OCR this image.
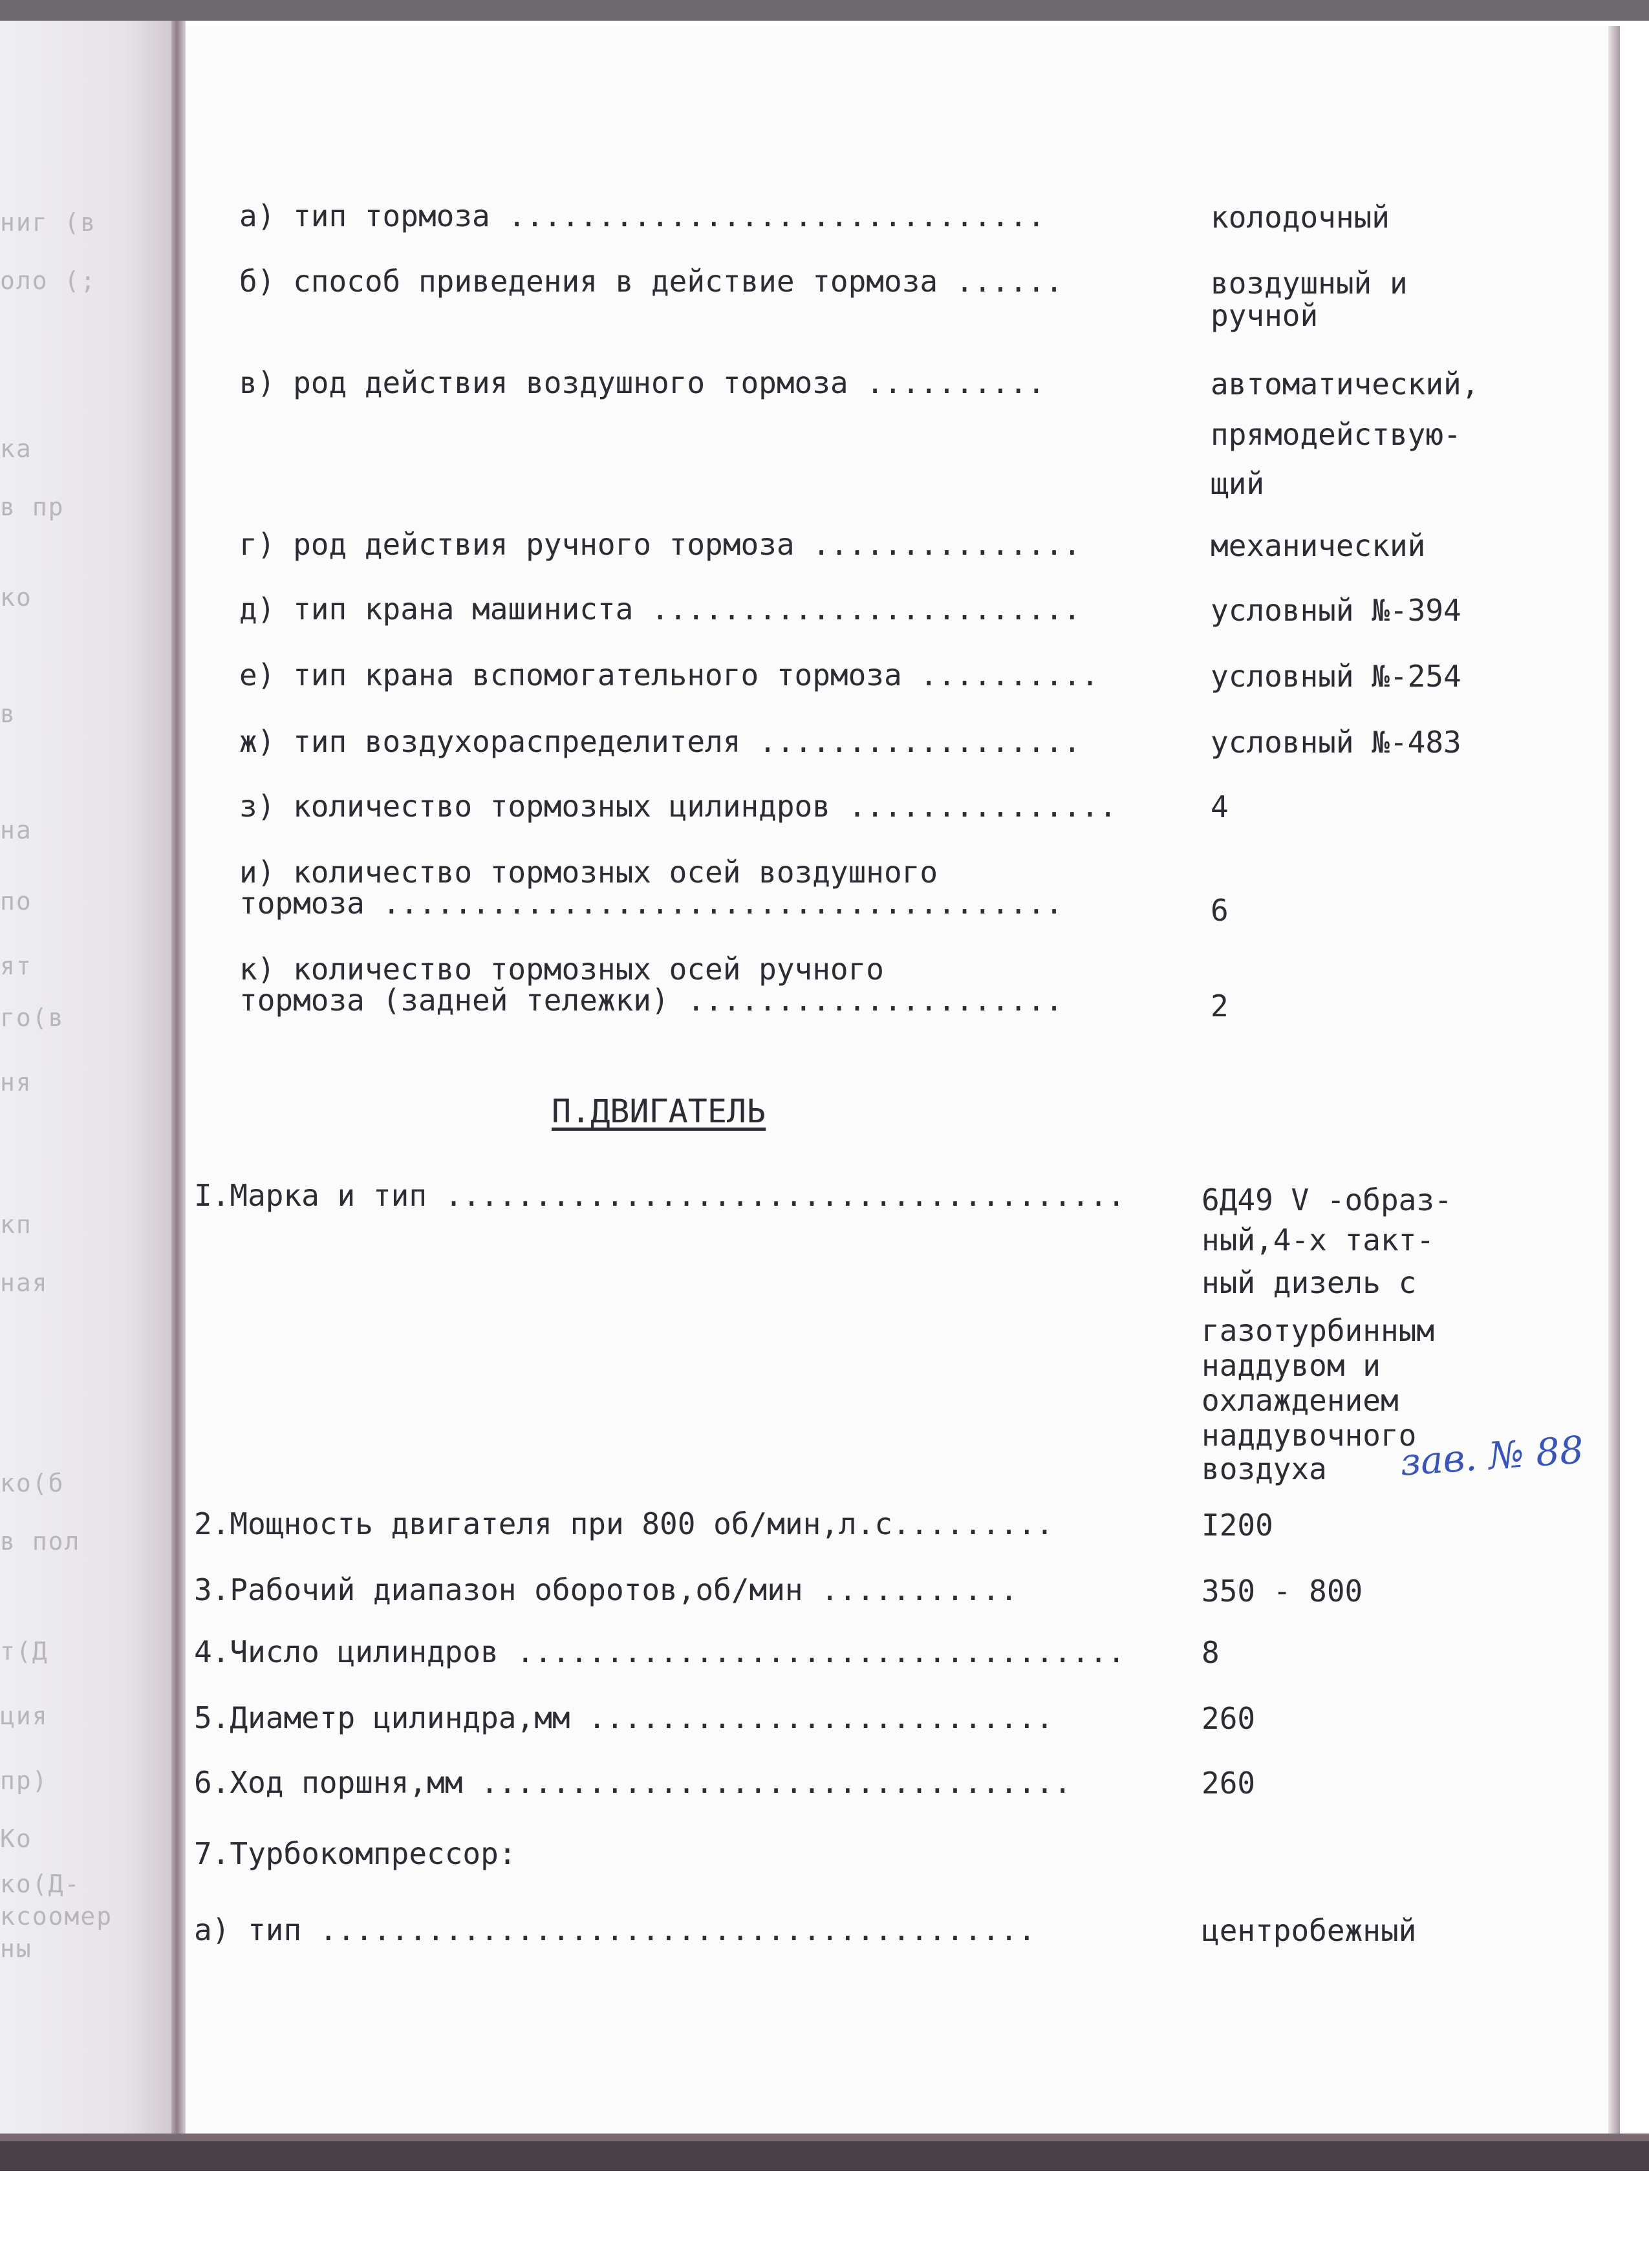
ниг (в
оло (;
ка
в пр
ко
в
на
по
ят
го(в
ня
кп
ная
ко(б
в пол
т(Д
ция
пр)
Ко
ко(Д-
ксоомер
ны
а) тип тормоза ..............................	колодочный
б) способ приведения в действие тормоза ......	воздушный и
ручной
в) род действия воздушного тормоза ..........	автоматический,
прямодействую-
щий
г) род действия ручного тормоза ...............	механический
д) тип крана машиниста ........................	условный №-394
е) тип крана вспомогательного тормоза ..........	условный №-254
ж) тип воздухораспределителя ..................	условный №-483
з) количество тормозных цилиндров ...............	4
и) количество тормозных осей воздушного
тормоза ......................................	6
к) количество тормозных осей ручного
тормоза (задней тележки) .....................	2
П.ДВИГАТЕЛЬ
I.Марка и тип ......................................	6Д49 V -образ-
ный,4-х такт-
ный дизель с
газотурбинным
наддувом и
охлаждением
наддувочного
воздуха
2.Мощность двигателя при 800 об/мин,л.с.........	I200
3.Рабочий диапазон оборотов,об/мин ...........	350 - 800
4.Число цилиндров ..................................	8
5.Диаметр цилиндра,мм ..........................	260
6.Ход поршня,мм .................................	260
7.Турбокомпрессор:
а) тип ........................................	центробежный
зав. № 88
